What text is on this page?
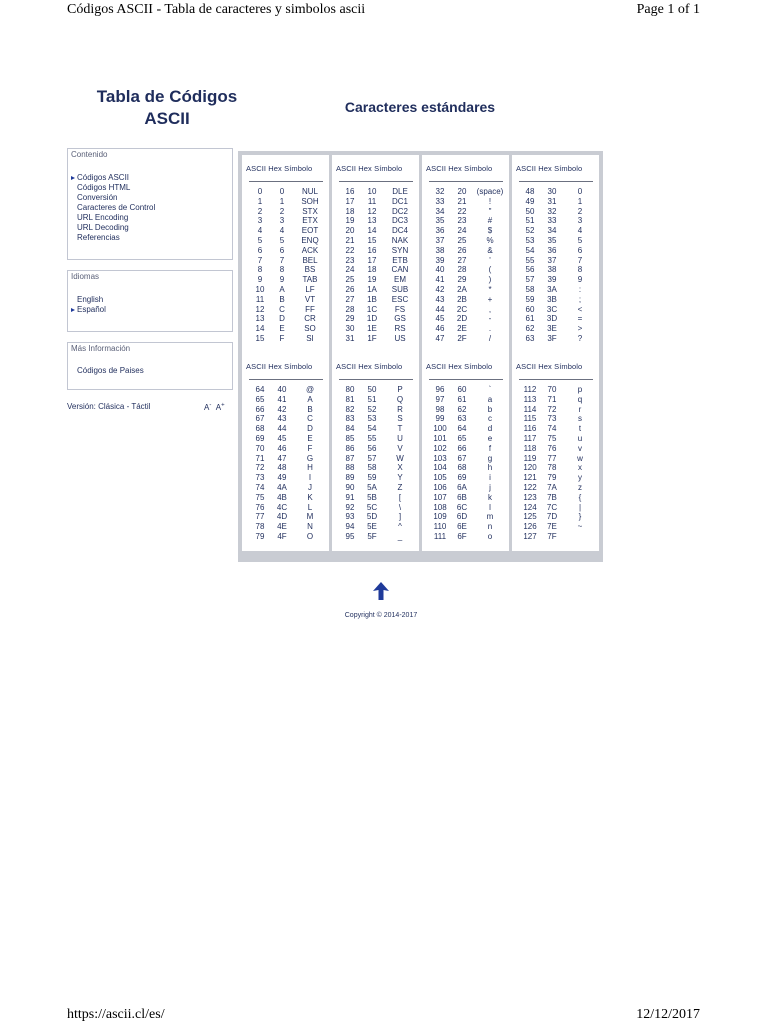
Códigos ASCII - Tabla de caracteres y simbolos ascii	Page 1 of 1
Tabla de Códigos
ASCII
Caracteres estándares
Contenido
Códigos ASCII
Códigos HTML
Conversión
Caracteres de Control
URL Encoding
URL Decoding
Referencias
Idiomas
English
Español
Más Información
Códigos de Paises
Versión: Clásica - Táctil	A- A+
ASCII Hex Símbolo
0	0	NUL
1	1	SOH
2	2	STX
3	3	ETX
4	4	EOT
5	5	ENQ
6	6	ACK
7	7	BEL
8	8	BS
9	9	TAB
10	A	LF
11	B	VT
12	C	FF
13	D	CR
14	E	SO
15	F	SI
ASCII Hex Símbolo
16	10	DLE
17	11	DC1
18	12	DC2
19	13	DC3
20	14	DC4
21	15	NAK
22	16	SYN
23	17	ETB
24	18	CAN
25	19	EM
26	1A	SUB
27	1B	ESC
28	1C	FS
29	1D	GS
30	1E	RS
31	1F	US
ASCII Hex Símbolo
32	20	(space)
33	21	!
34	22	"
35	23	#
36	24	$
37	25	%
38	26	&
39	27	'
40	28	(
41	29	)
42	2A	*
43	2B	+
44	2C	,
45	2D	-
46	2E	.
47	2F	/
ASCII Hex Símbolo
48	30	0
49	31	1
50	32	2
51	33	3
52	34	4
53	35	5
54	36	6
55	37	7
56	38	8
57	39	9
58	3A	:
59	3B	;
60	3C	<
61	3D	=
62	3E	>
63	3F	?
ASCII Hex Símbolo
64	40	@
65	41	A
66	42	B
67	43	C
68	44	D
69	45	E
70	46	F
71	47	G
72	48	H
73	49	I
74	4A	J
75	4B	K
76	4C	L
77	4D	M
78	4E	N
79	4F	O
ASCII Hex Símbolo
80	50	P
81	51	Q
82	52	R
83	53	S
84	54	T
85	55	U
86	56	V
87	57	W
88	58	X
89	59	Y
90	5A	Z
91	5B	[
92	5C	\
93	5D	]
94	5E	^
95	5F	_
ASCII Hex Símbolo
96	60	`
97	61	a
98	62	b
99	63	c
100	64	d
101	65	e
102	66	f
103	67	g
104	68	h
105	69	i
106	6A	j
107	6B	k
108	6C	l
109	6D	m
110	6E	n
111	6F	o
ASCII Hex Símbolo
112	70	p
113	71	q
114	72	r
115	73	s
116	74	t
117	75	u
118	76	v
119	77	w
120	78	x
121	79	y
122	7A	z
123	7B	{
124	7C	|
125	7D	}
126	7E	~
127	7F
Copyright © 2014-2017
https://ascii.cl/es/	12/12/2017
